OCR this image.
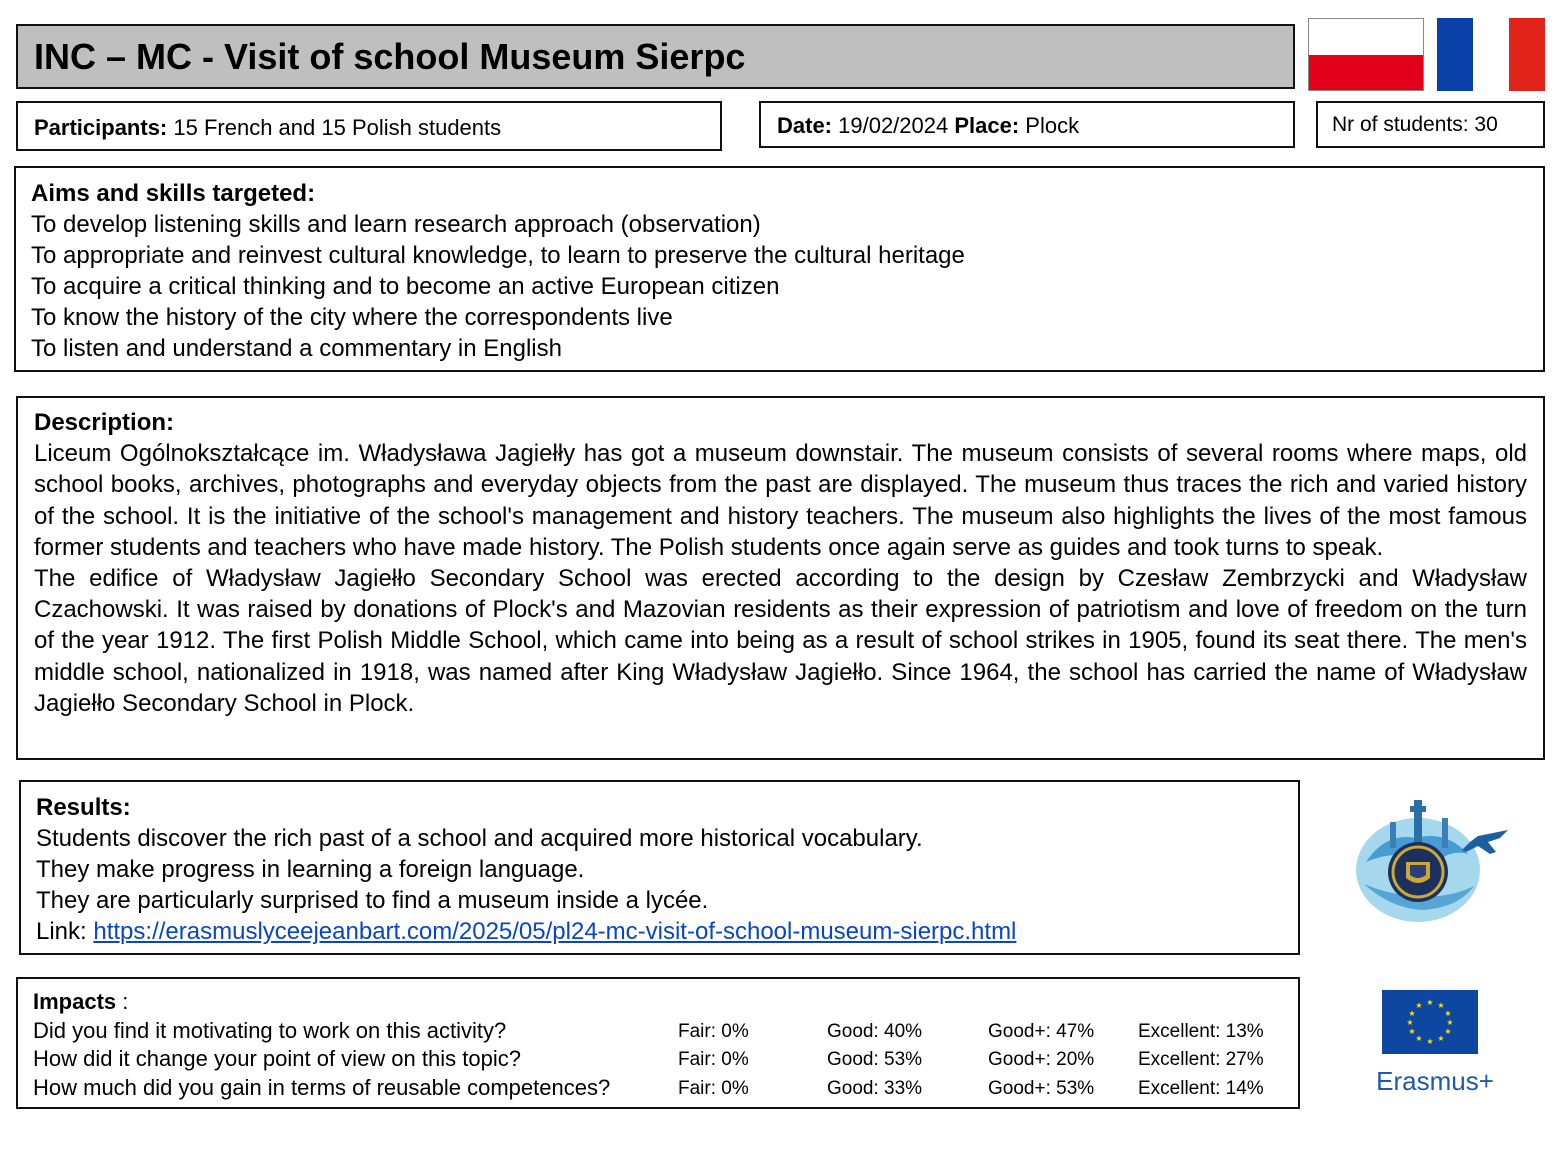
INC – MC - Visit of school Museum Sierpc
Participants: 15 French and 15 Polish students	Date: 19/02/2024 Place: Plock	Nr of students: 30
Aims and skills targeted:
To develop listening skills and learn research approach (observation)
To appropriate and reinvest cultural knowledge, to learn to preserve the cultural heritage
To acquire a critical thinking and to become an active European citizen
To know the history of the city where the correspondents live
To listen and understand a commentary in English
Description:

Liceum Ogólnokształcące im. Władysława Jagiełły has got a museum downstair. The museum consists of several rooms where maps, old school books, archives, photographs and everyday objects from the past are displayed. The museum thus traces the rich and varied history of the school. It is the initiative of the school's management and history teachers. The museum also highlights the lives of the most famous former students and teachers who have made history. The Polish students once again serve as guides and took turns to speak.

The edifice of Władysław Jagiełło Secondary School was erected according to the design by Czesław Zembrzycki and Władysław Czachowski. It was raised by donations of Plock's and Mazovian residents as their expression of patriotism and love of freedom on the turn of the year 1912. The first Polish Middle School, which came into being as a result of school strikes in 1905, found its seat there. The men's middle school, nationalized in 1918, was named after King Władysław Jagiełło. Since 1964, the school has carried the name of Władysław Jagiełło Secondary School in Plock.

Results:
Students discover the rich past of a school and acquired more historical vocabulary.
They make progress in learning a foreign language.
They are particularly surprised to find a museum inside a lycée.
Link: https://erasmuslyceejeanbart.com/2025/05/pl24-mc-visit-of-school-museum-sierpc.html
Impacts :
Did you find it motivating to work on this activity?	Fair: 0%	Good: 40%	Good+: 47% Excellent: 13%
How did it change your point of view on this topic?	Fair: 0%	Good: 53%	Good+: 20% Excellent: 27%
How much did you gain in terms of reusable competences?	Fair: 0%	Good: 33%	Good+: 53% Excellent: 14%
★ ★
★
★
★
★
★
★
★
★
★
★
Erasmus+
